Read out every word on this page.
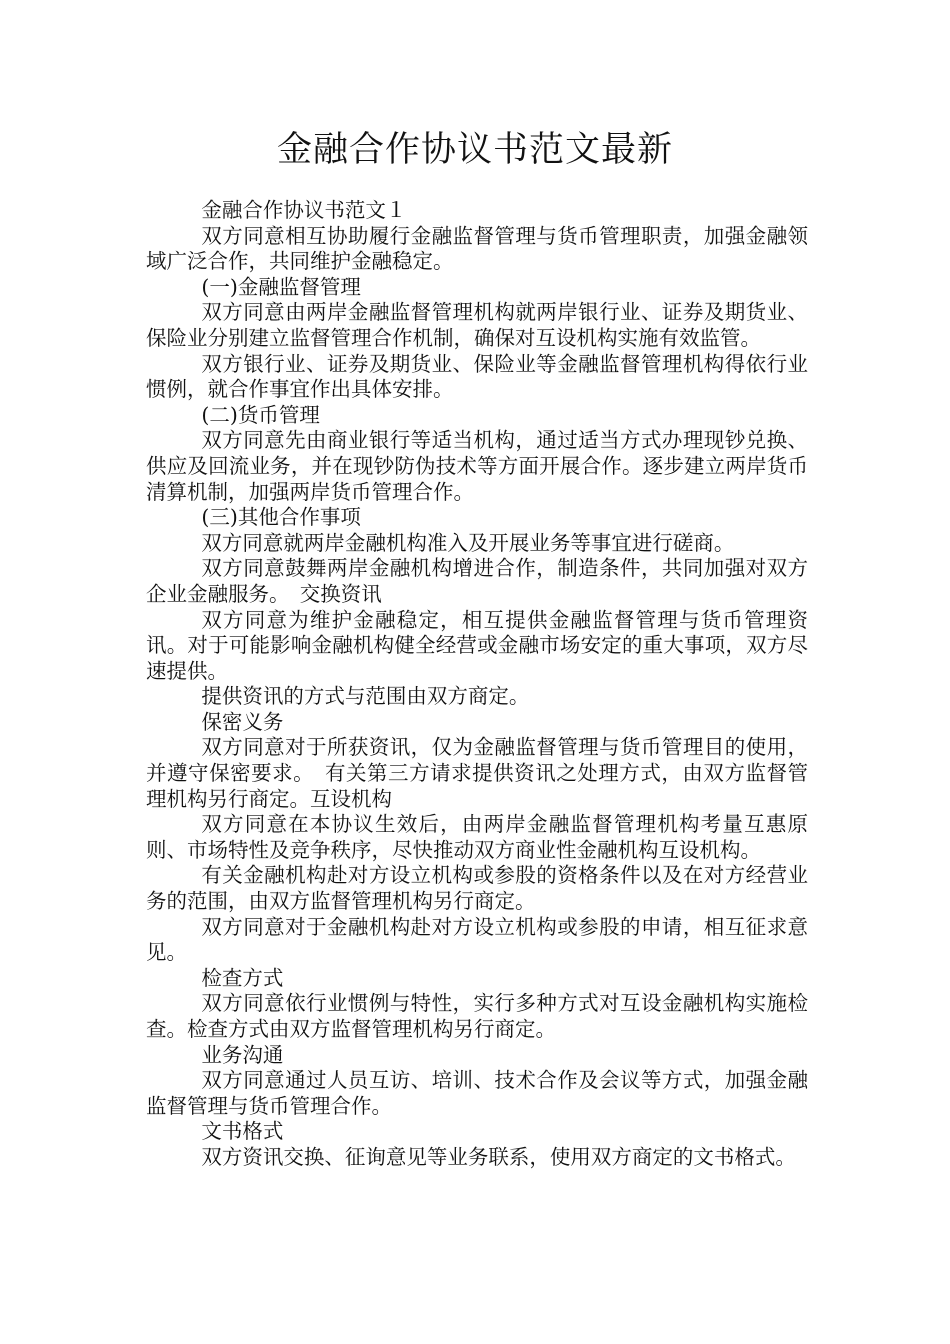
金融合作协议书范文最新

金融合作协议书范文１

双方同意相互协助履行金融监督管理与货币管理职责，加强金融领域广泛合作，共同维护金融稳定。

(一)金融监督管理

双方同意由两岸金融监督管理机构就两岸银行业、证券及期货业、保险业分别建立监督管理合作机制，确保对互设机构实施有效监管。

双方银行业、证券及期货业、保险业等金融监督管理机构得依行业惯例，就合作事宜作出具体安排。

(二)货币管理

双方同意先由商业银行等适当机构，通过适当方式办理现钞兑换、供应及回流业务，并在现钞防伪技术等方面开展合作。逐步建立两岸货币清算机制，加强两岸货币管理合作。

(三)其他合作事项

双方同意就两岸金融机构准入及开展业务等事宜进行磋商。

双方同意鼓舞两岸金融机构增进合作，制造条件，共同加强对双方企业金融服务。　交换资讯

双方同意为维护金融稳定，相互提供金融监督管理与货币管理资讯。对于可能影响金融机构健全经营或金融市场安定的重大事项，双方尽速提供。

提供资讯的方式与范围由双方商定。

保密义务

双方同意对于所获资讯，仅为金融监督管理与货币管理目的使用，并遵守保密要求。　有关第三方请求提供资讯之处理方式，由双方监督管理机构另行商定。互设机构

双方同意在本协议生效后，由两岸金融监督管理机构考量互惠原则、市场特性及竞争秩序，尽快推动双方商业性金融机构互设机构。

有关金融机构赴对方设立机构或参股的资格条件以及在对方经营业务的范围，由双方监督管理机构另行商定。

双方同意对于金融机构赴对方设立机构或参股的申请，相互征求意见。

检查方式

双方同意依行业惯例与特性，实行多种方式对互设金融机构实施检查。检查方式由双方监督管理机构另行商定。

业务沟通

双方同意通过人员互访、培训、技术合作及会议等方式，加强金融监督管理与货币管理合作。

文书格式

双方资讯交换、征询意见等业务联系，使用双方商定的文书格式。
